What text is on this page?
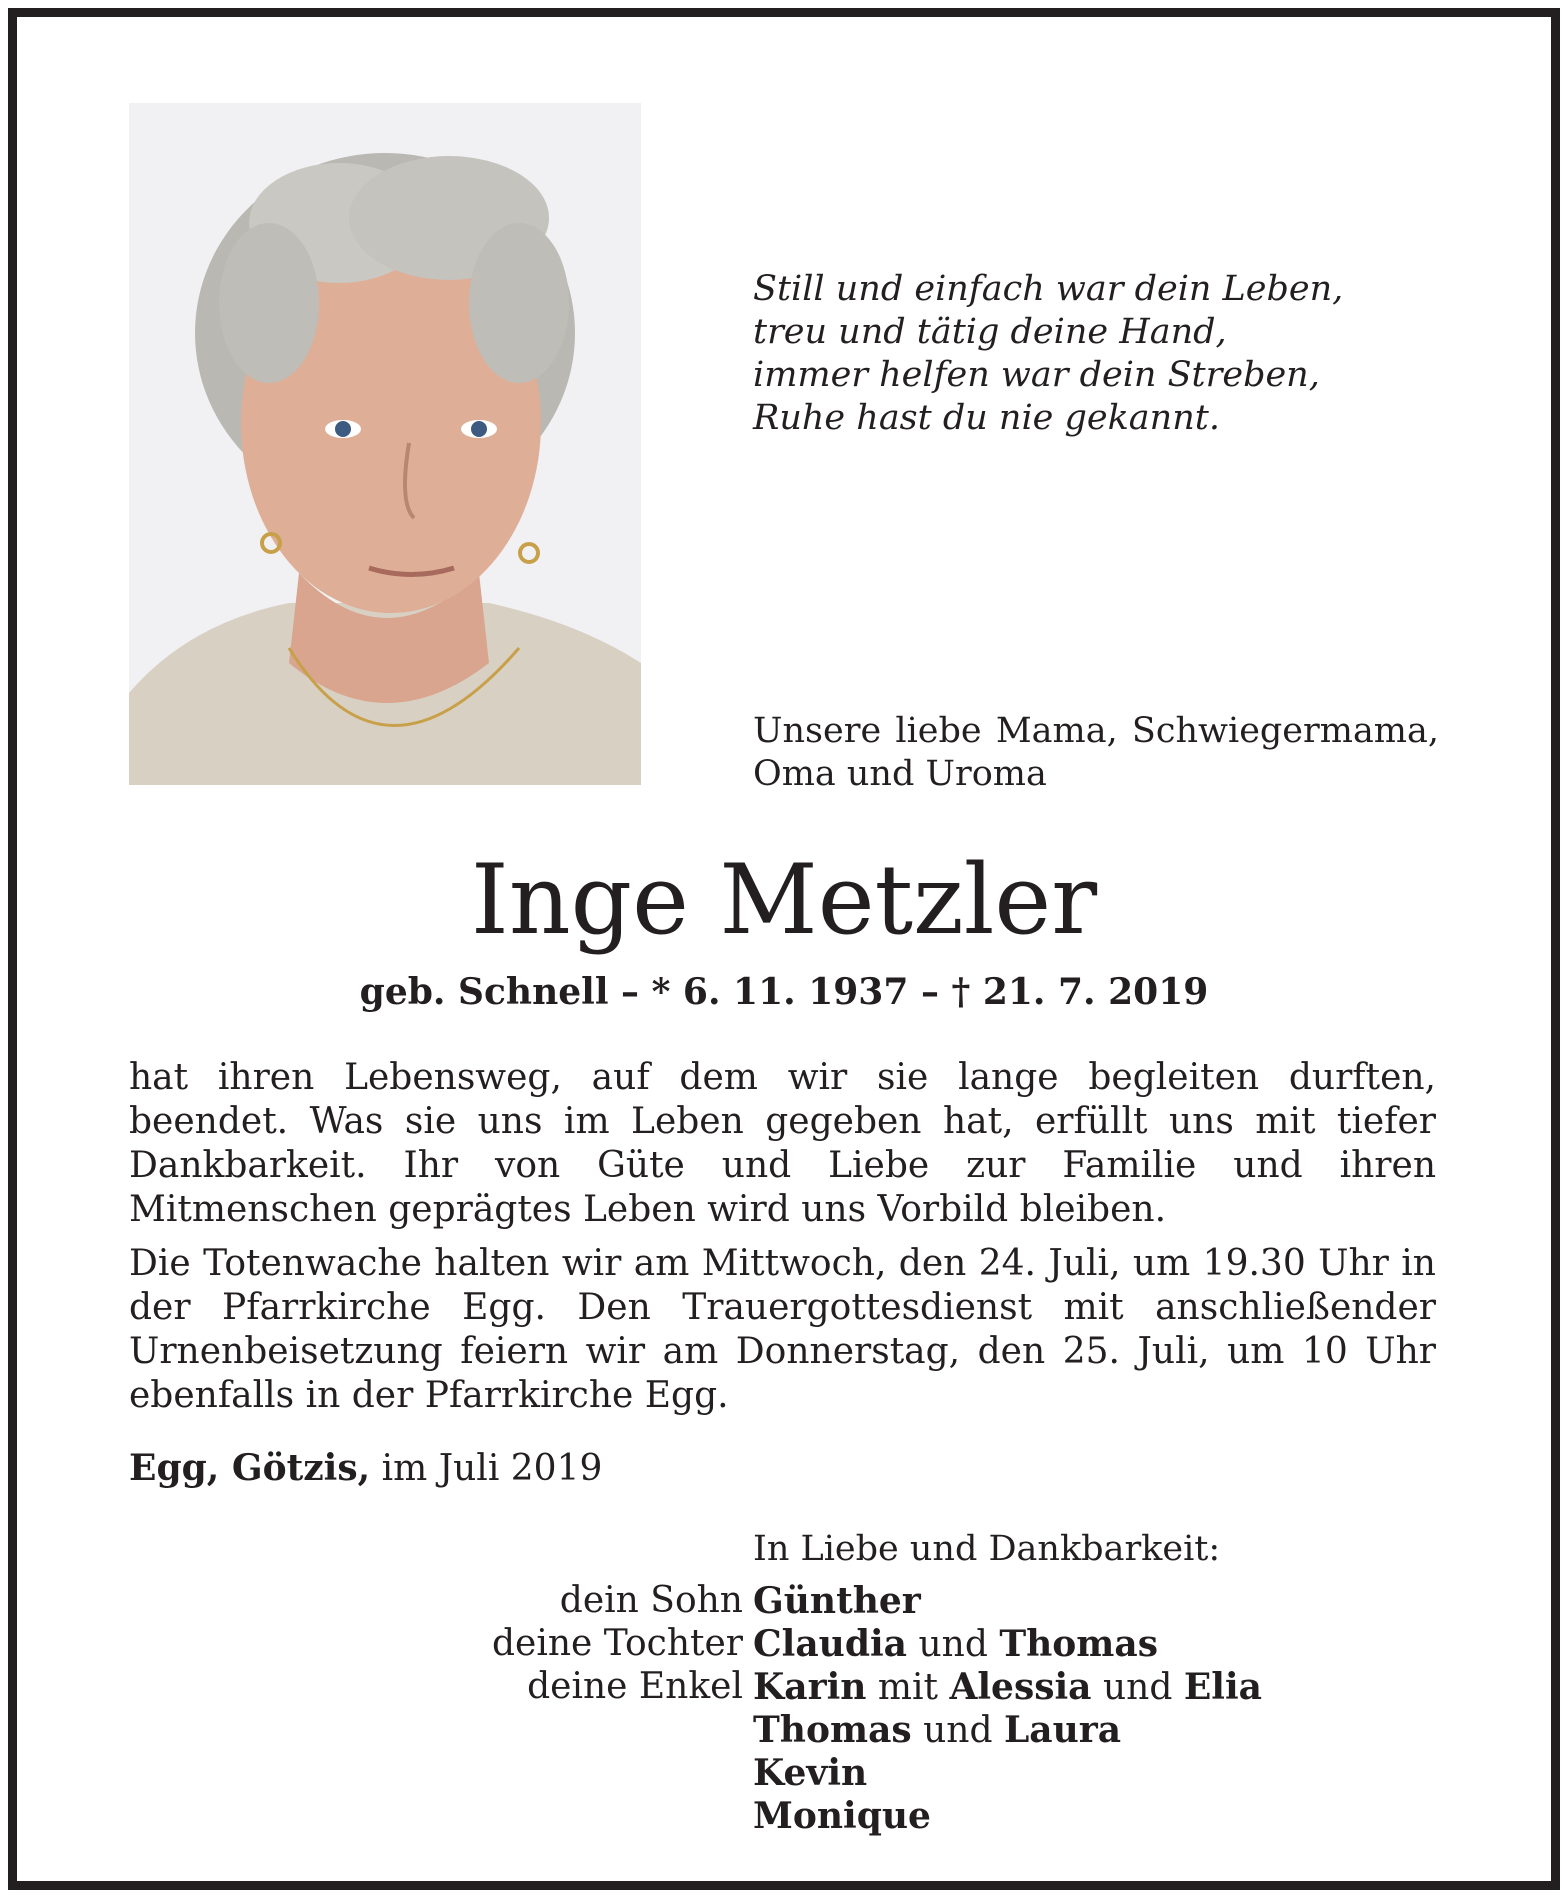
Still und einfach war dein Leben,
treu und tätig deine Hand,
immer helfen war dein Streben,
Ruhe hast du nie gekannt.
Unsere liebe Mama, Schwiegermama,
Oma und Uroma
Inge Metzler
geb. Schnell – * 6. 11. 1937 – † 21. 7. 2019

hat ihren Lebensweg, auf dem wir sie lange begleiten durften, beendet. Was sie uns im Leben gegeben hat, erfüllt uns mit tiefer Dankbarkeit. Ihr von Güte und Liebe zur Familie und ihren Mitmenschen geprägtes Leben wird uns Vorbild bleiben.

Die Totenwache halten wir am Mittwoch, den 24. Juli, um 19.30 Uhr in der Pfarrkirche Egg. Den Trauergottesdienst mit anschließender Urnenbeisetzung feiern wir am Donnerstag, den 25. Juli, um 10 Uhr ebenfalls in der Pfarrkirche Egg.

Egg, Götzis, im Juli 2019
In Liebe und Dankbarkeit:
dein Sohn Günther
deine Tochter Claudia und Thomas
deine Enkel Karin mit Alessia und Elia
Thomas und Laura
Kevin
Monique
